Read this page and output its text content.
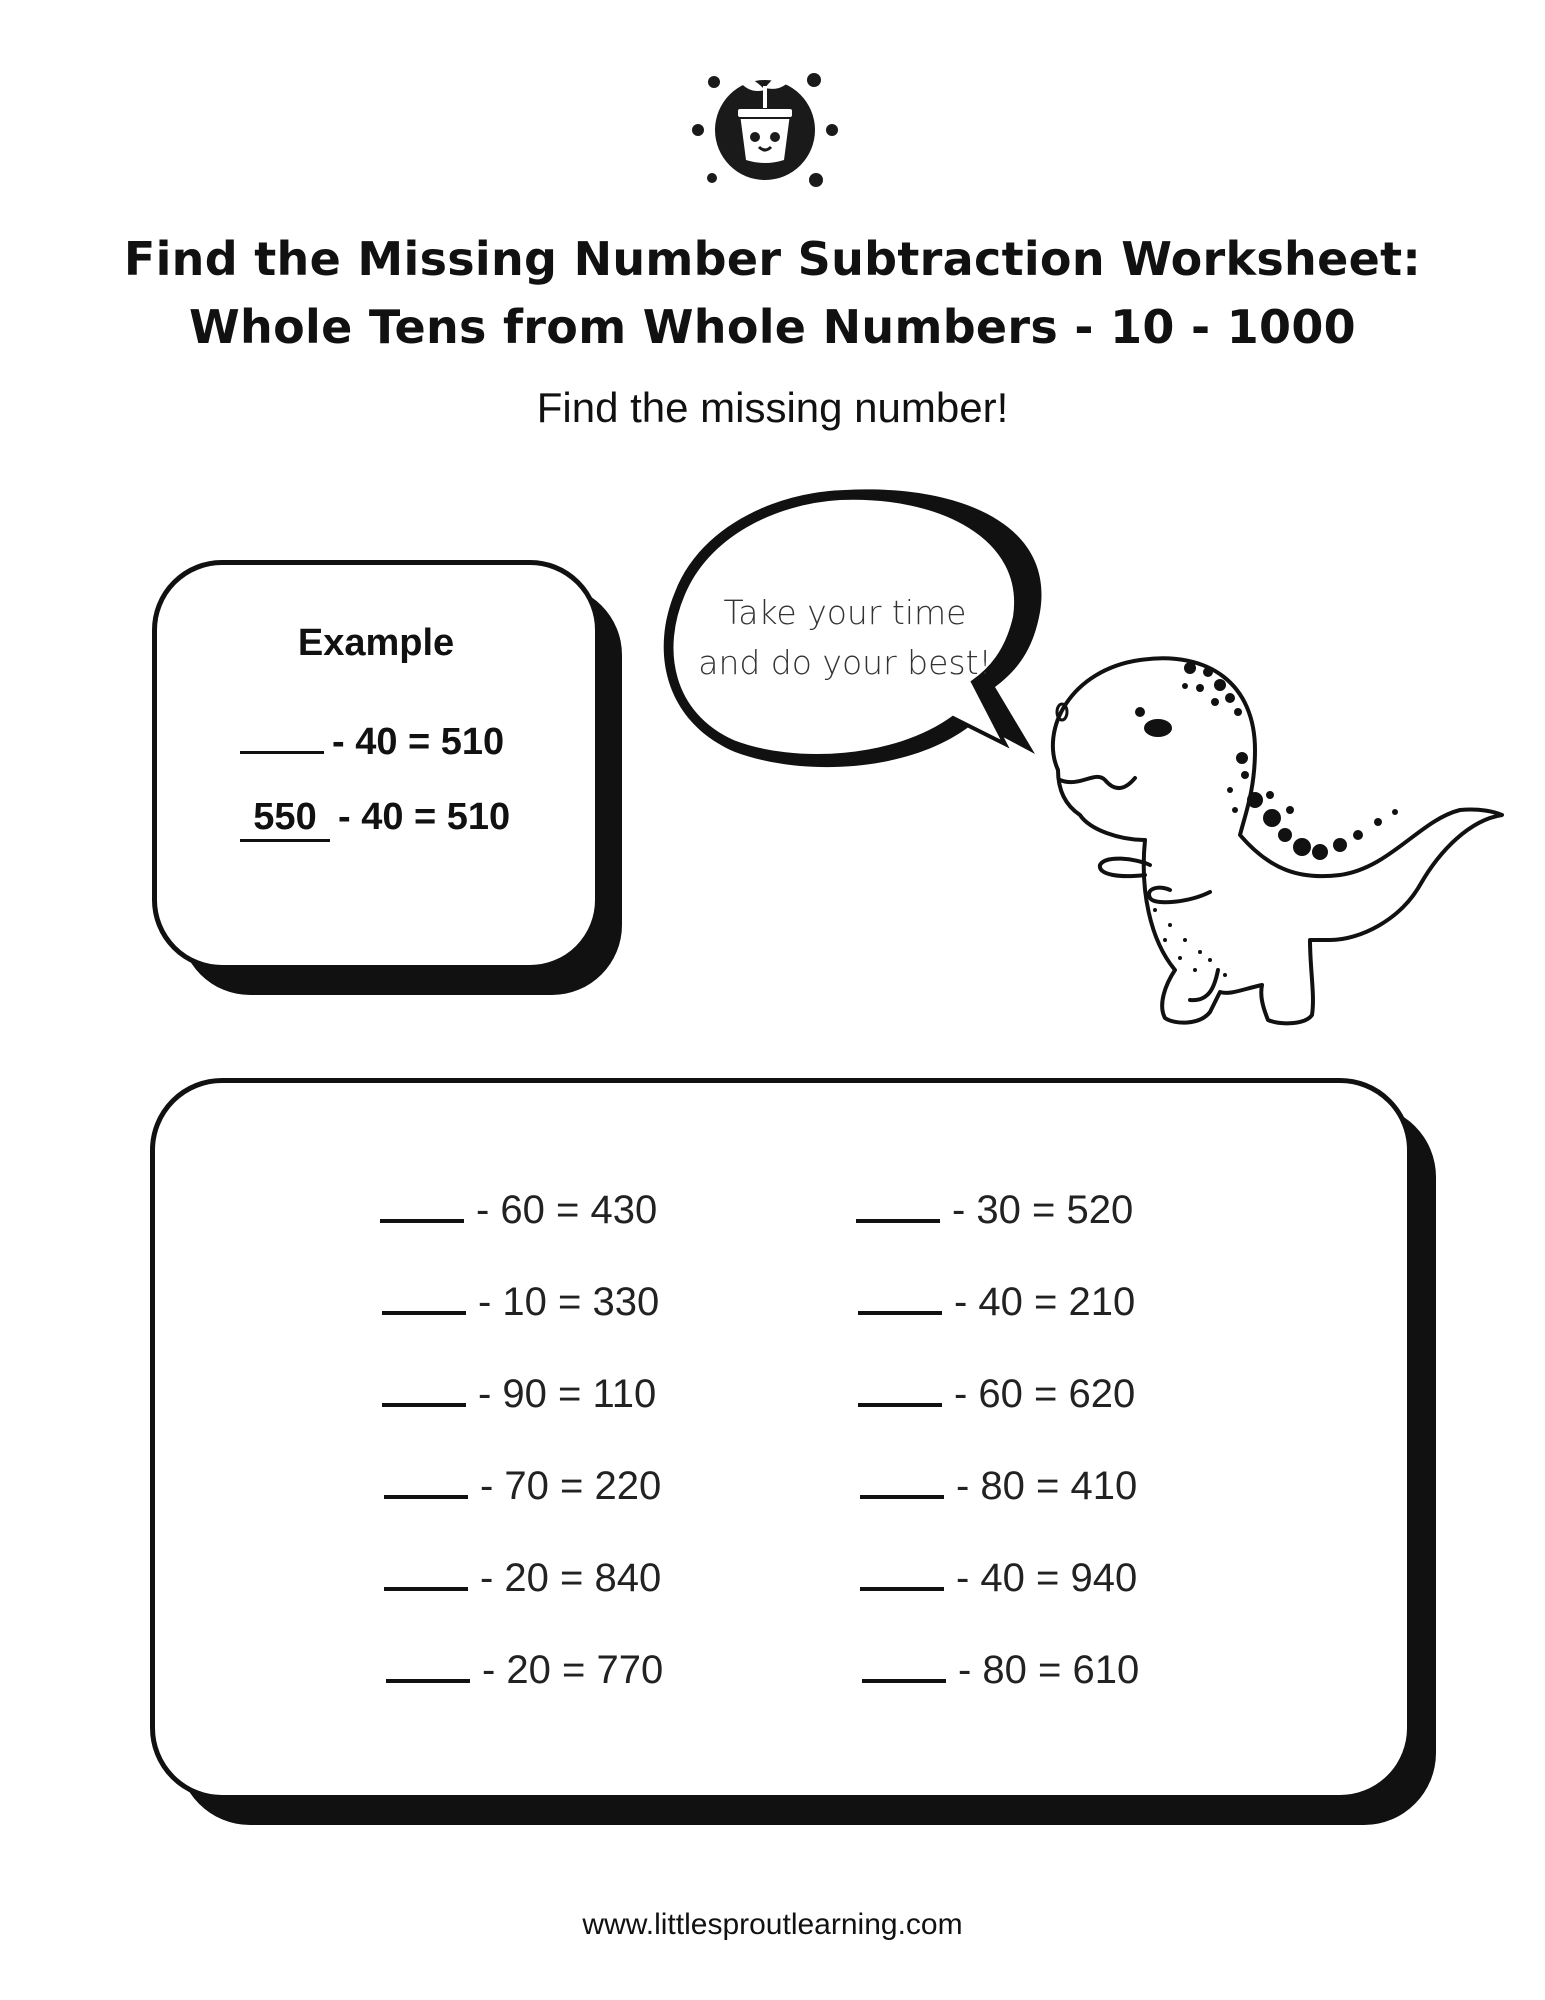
Find the Missing Number Subtraction Worksheet:
Whole Tens from Whole Numbers - 10 - 1000
Find the missing number!
Example
- 40 = 510
550 - 40 = 510
Take your time
and do your best!
- 60 = 430
- 10 = 330
- 90 = 110
- 70 = 220
- 20 = 840
- 20 = 770
- 30 = 520
- 40 = 210
- 60 = 620
- 80 = 410
- 40 = 940
- 80 = 610
www.littlesproutlearning.com
